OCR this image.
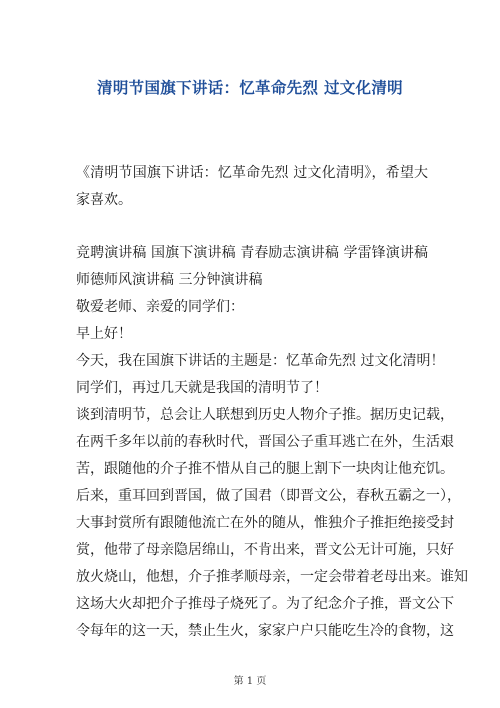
清明节国旗下讲话：忆革命先烈 过文化清明
《清明节国旗下讲话：忆革命先烈 过文化清明》，希望大家喜欢。
竞聘演讲稿 国旗下演讲稿 青春励志演讲稿 学雷锋演讲稿 师德师风演讲稿 三分钟演讲稿
敬爱老师、亲爱的同学们：
早上好！
今天，我在国旗下讲话的主题是：忆革命先烈 过文化清明！
同学们，再过几天就是我国的清明节了！
谈到清明节，总会让人联想到历史人物介子推。据历史记载，
在两千多年以前的春秋时代，晋国公子重耳逃亡在外，生活艰
苦，跟随他的介子推不惜从自己的腿上割下一块肉让他充饥。
后来，重耳回到晋国，做了国君（即晋文公，春秋五霸之一），
大事封赏所有跟随他流亡在外的随从，惟独介子推拒绝接受封
赏，他带了母亲隐居绵山，不肯出来，晋文公无计可施，只好
放火烧山，他想，介子推孝顺母亲，一定会带着老母出来。谁知
这场大火却把介子推母子烧死了。为了纪念介子推，晋文公下
令每年的这一天，禁止生火，家家户户只能吃生冷的食物，这
第 1 页
